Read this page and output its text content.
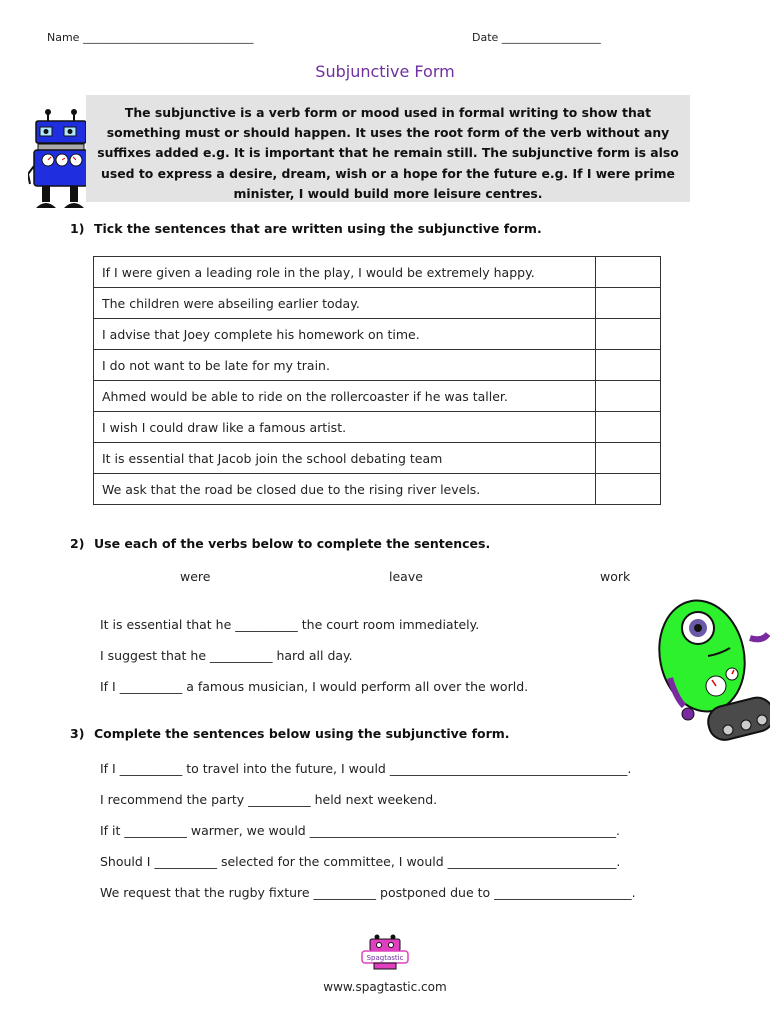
Name _______________________________	Date __________________
Subjunctive Form

The subjunctive is a verb form or mood used in formal writing to show that something must or should happen. It uses the root form of the verb without any suffixes added e.g. It is important that he remain still. The subjunctive form is also used to express a desire, dream, wish or a hope for the future e.g. If I were prime minister, I would build more leisure centres.

1) Tick the sentences that are written using the subjunctive form.
If I were given a leading role in the play, I would be extremely happy.	
The children were abseiling earlier today.	
I advise that Joey complete his homework on time.	
I do not want to be late for my train.	
Ahmed would be able to ride on the rollercoaster if he was taller.	
I wish I could draw like a famous artist.	
It is essential that Jacob join the school debating team	
We ask that the road be closed due to the rising river levels.	
2) Use each of the verbs below to complete the sentences.
were	leave	work
It is essential that he __________ the court room immediately.
I suggest that he __________ hard all day.
If I __________ a famous musician, I would perform all over the world.
3) Complete the sentences below using the subjunctive form.
If I __________ to travel into the future, I would ______________________________________.
I recommend the party __________ held next weekend.
If it __________ warmer, we would _________________________________________________.
Should I __________ selected for the committee, I would ___________________________.
We request that the rugby fixture __________ postponed due to ______________________.
Spagtastic
www.spagtastic.com
